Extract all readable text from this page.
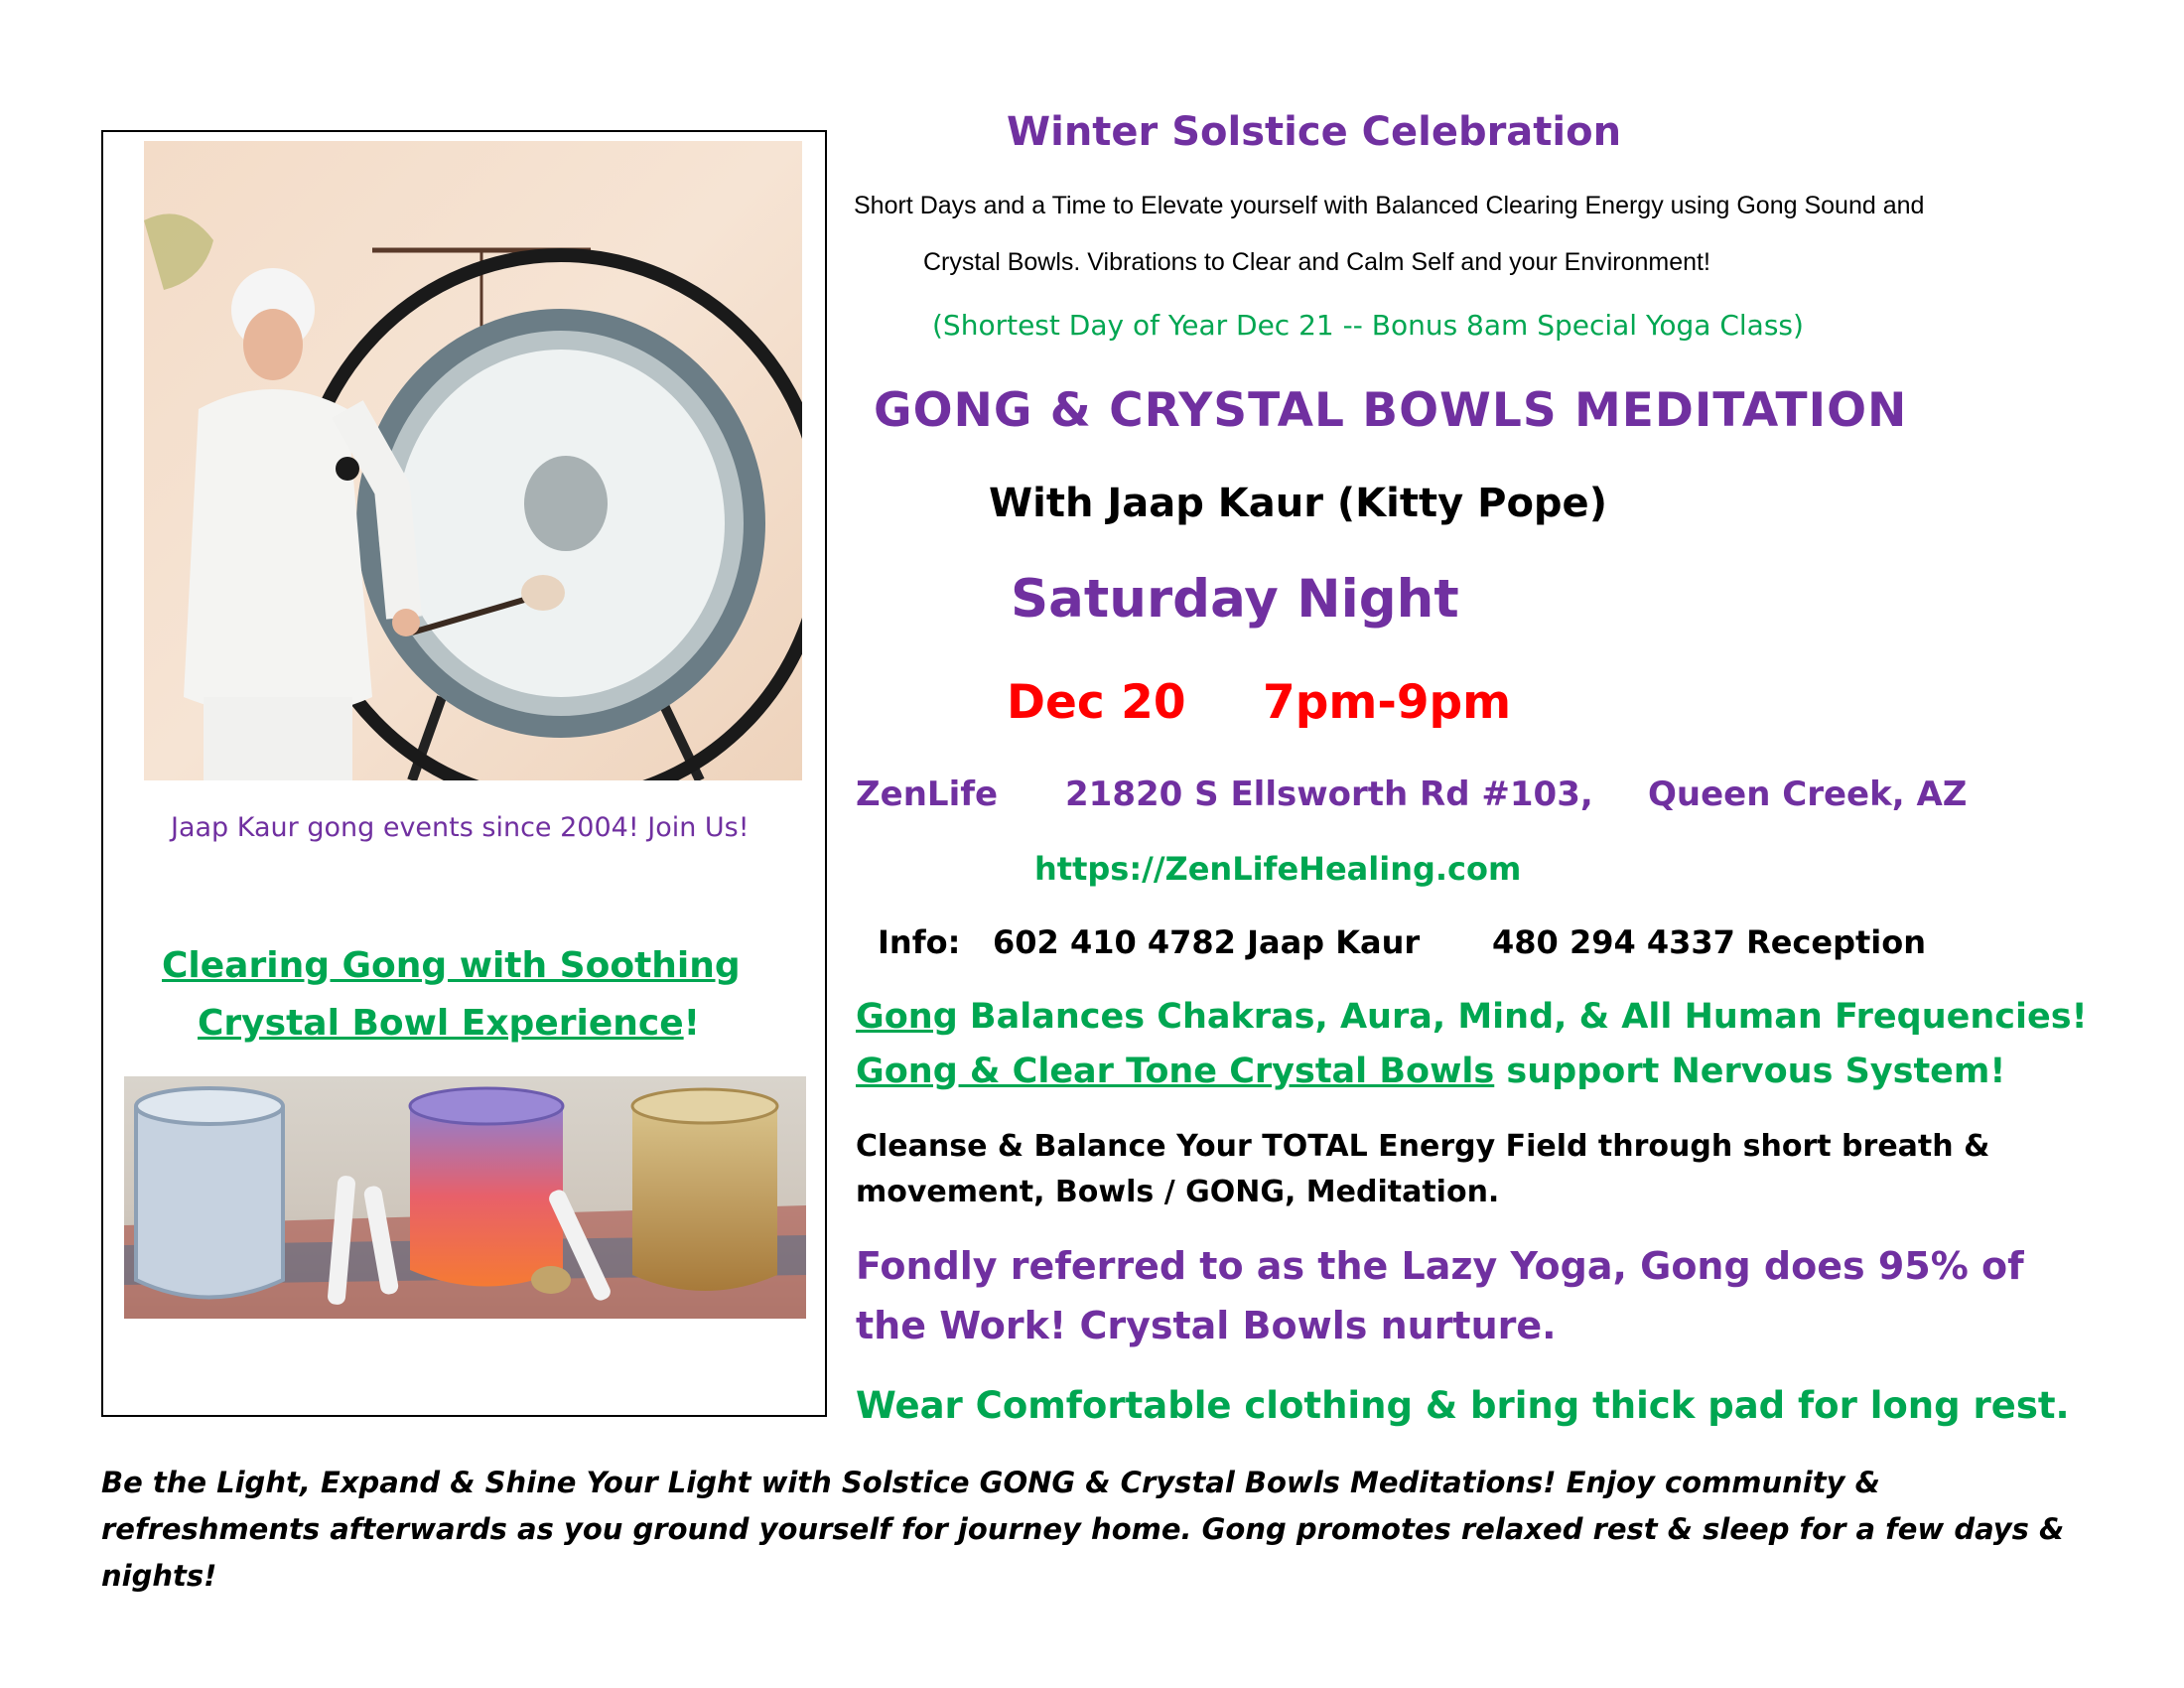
Jaap Kaur gong events since 2004! Join Us!
Clearing Gong with Soothing
Crystal Bowl Experience!
Winter Solstice Celebration
Short Days and a Time to Elevate yourself with Balanced Clearing Energy using Gong Sound and
Crystal Bowls. Vibrations to Clear and Calm Self and your Environment!
(Shortest Day of Year Dec 21 -- Bonus 8am Special Yoga Class)
GONG & CRYSTAL BOWLS MEDITATION
With Jaap Kaur (Kitty Pope)
Saturday Night
Dec 20 7pm-9pm
ZenLife 21820 S Ellsworth Rd #103, Queen Creek, AZ
https://ZenLifeHealing.com
Info: 602 410 4782 Jaap Kaur 480 294 4337 Reception
Gong Balances Chakras, Aura, Mind, & All Human Frequencies!
Gong & Clear Tone Crystal Bowls support Nervous System!
Cleanse & Balance Your TOTAL Energy Field through short breath & movement, Bowls / GONG, Meditation.
Fondly referred to as the Lazy Yoga, Gong does 95% of the Work! Crystal Bowls nurture.
Wear Comfortable clothing & bring thick pad for long rest.
Be the Light, Expand & Shine Your Light with Solstice GONG & Crystal Bowls Meditations! Enjoy community & refreshments afterwards as you ground yourself for journey home. Gong promotes relaxed rest & sleep for a few days & nights!
